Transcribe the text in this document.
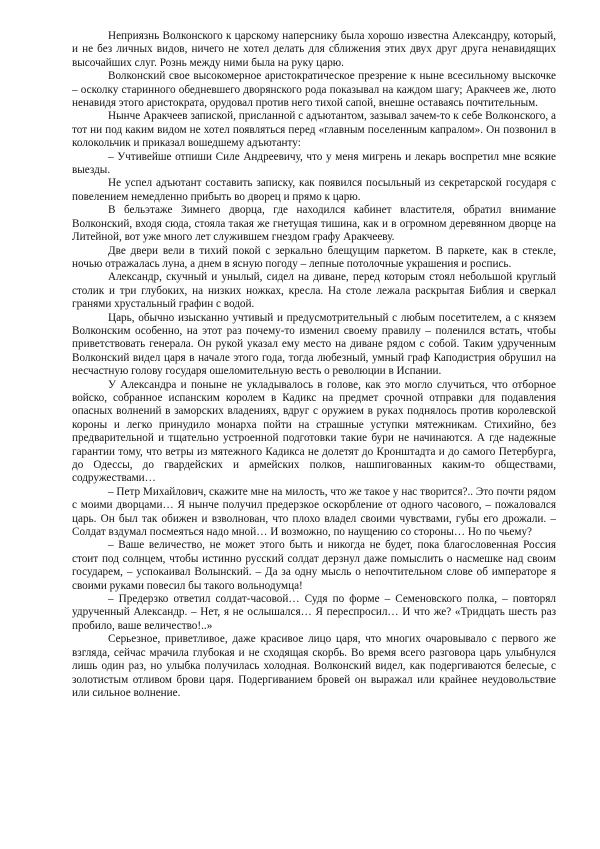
Неприязнь Волконского к царскому наперснику была хорошо известна Александру, который, и не без личных видов, ничего не хотел делать для сближения этих двух друг друга ненавидящих высочайших слуг. Рознь между ними была на руку царю.

Волконский свое высокомерное аристократическое презрение к ныне всесильному выскочке – осколку старинного обедневшего дворянского рода показывал на каждом шагу; Аракчеев же, люто ненавидя этого аристократа, орудовал против него тихой сапой, внешне оставаясь почтительным.

Нынче Аракчеев запиской, присланной с адъютантом, зазывал зачем-то к себе Волконского, а тот ни под каким видом не хотел появляться перед «главным поселенным капралом». Он позвонил в колокольчик и приказал вошедшему адъютанту:

– Учтивейше отпиши Силе Андреевичу, что у меня мигрень и лекарь воспретил мне всякие выезды.

Не успел адъютант составить записку, как появился посыльный из секретарской государя с повелением немедленно прибыть во дворец и прямо к царю.

В бельэтаже Зимнего дворца, где находился кабинет властителя, обратил внимание Волконский, входя сюда, стояла такая же гнетущая тишина, как и в огромном деревянном дворце на Литейной, вот уже много лет служившем гнездом графу Аракчееву.

Две двери вели в тихий покой с зеркально блещущим паркетом. В паркете, как в стекле, ночью отражалась луна, а днем в ясную погоду – лепные потолочные украшения и роспись.

Александр, скучный и унылый, сидел на диване, перед которым стоял небольшой круглый столик и три глубоких, на низких ножках, кресла. На столе лежала раскрытая Библия и сверкал гранями хрустальный графин с водой.

Царь, обычно изысканно учтивый и предусмотрительный с любым посетителем, а с князем Волконским особенно, на этот раз почему-то изменил своему правилу – поленился встать, чтобы приветствовать генерала. Он рукой указал ему место на диване рядом с собой. Таким удрученным Волконский видел царя в начале этого года, тогда любезный, умный граф Каподистрия обрушил на несчастную голову государя ошеломительную весть о революции в Испании.

У Александра и поныне не укладывалось в голове, как это могло случиться, что отборное войско, собранное испанским королем в Кадикс на предмет срочной отправки для подавления опасных волнений в заморских владениях, вдруг с оружием в руках поднялось против королевской короны и легко принудило монарха пойти на страшные уступки мятежникам. Стихийно, без предварительной и тщательно устроенной подготовки такие бури не начинаются. А где надежные гарантии тому, что ветры из мятежного Кадикса не долетят до Кронштадта и до самого Петербурга, до Одессы, до гвардейских и армейских полков, нашпигованных каким-то обществами, содружествами…

– Петр Михайлович, скажите мне на милость, что же такое у нас творится?.. Это почти рядом с моими дворцами… Я нынче получил предерзкое оскорбление от одного часового, – пожаловался царь. Он был так обижен и взволнован, что плохо владел своими чувствами, губы его дрожали. – Солдат вздумал посмеяться надо мной… И возможно, по наущению со стороны… Но по чьему?

– Ваше величество, не может этого быть и никогда не будет, пока благословенная Россия стоит под солнцем, чтобы истинно русский солдат дерзнул даже помыслить о насмешке над своим государем, – успокаивал Волынский. – Да за одну мысль о непочтительном слове об императоре я своими руками повесил бы такого вольнодумца!

– Предерзко ответил солдат-часовой… Судя по форме – Семеновского полка, – повторял удрученный Александр. – Нет, я не ослышался… Я переспросил… И что же? «Тридцать шесть раз пробило, ваше величество!..»

Серьезное, приветливое, даже красивое лицо царя, что многих очаровывало с первого же взгляда, сейчас мрачила глубокая и не сходящая скорбь. Во время всего разговора царь улыбнулся лишь один раз, но улыбка получилась холодная. Волконский видел, как подергиваются белесые, с золотистым отливом брови царя. Подергиванием бровей он выражал или крайнее неудовольствие или сильное волнение.
